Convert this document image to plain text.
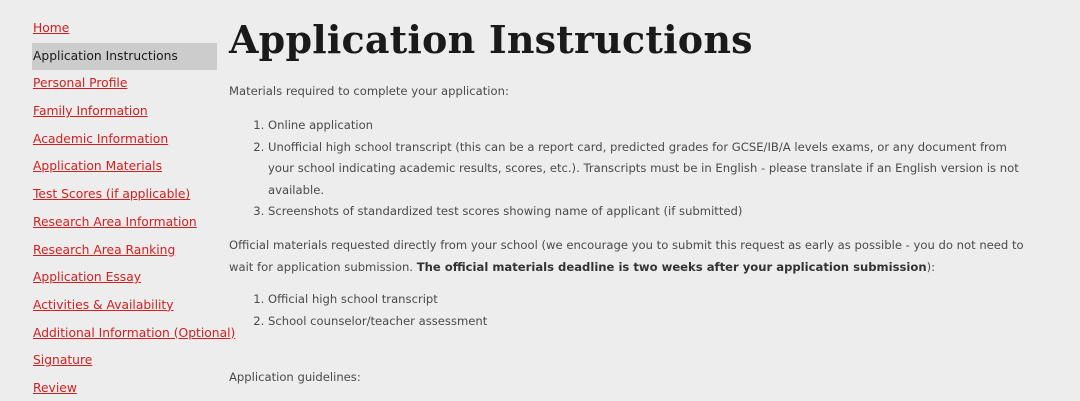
Home
Application Instructions
Personal Profile
Family Information
Academic Information
Application Materials
Test Scores (if applicable)
Research Area Information
Research Area Ranking
Application Essay
Activities & Availability
Additional Information (Optional)
Signature
Review
Application Instructions

Materials required to complete your application:

1. Online application
2. Unofficial high school transcript (this can be a report card, predicted grades for GCSE/IB/A levels exams, or any document from your school indicating academic results, scores, etc.). Transcripts must be in English - please translate if an English version is not available.
3. Screenshots of standardized test scores showing name of applicant (if submitted)

Official materials requested directly from your school (we encourage you to submit this request as early as possible - you do not need to wait for application submission. The official materials deadline is two weeks after your application submission):

1. Official high school transcript
2. School counselor/teacher assessment

Application guidelines:
